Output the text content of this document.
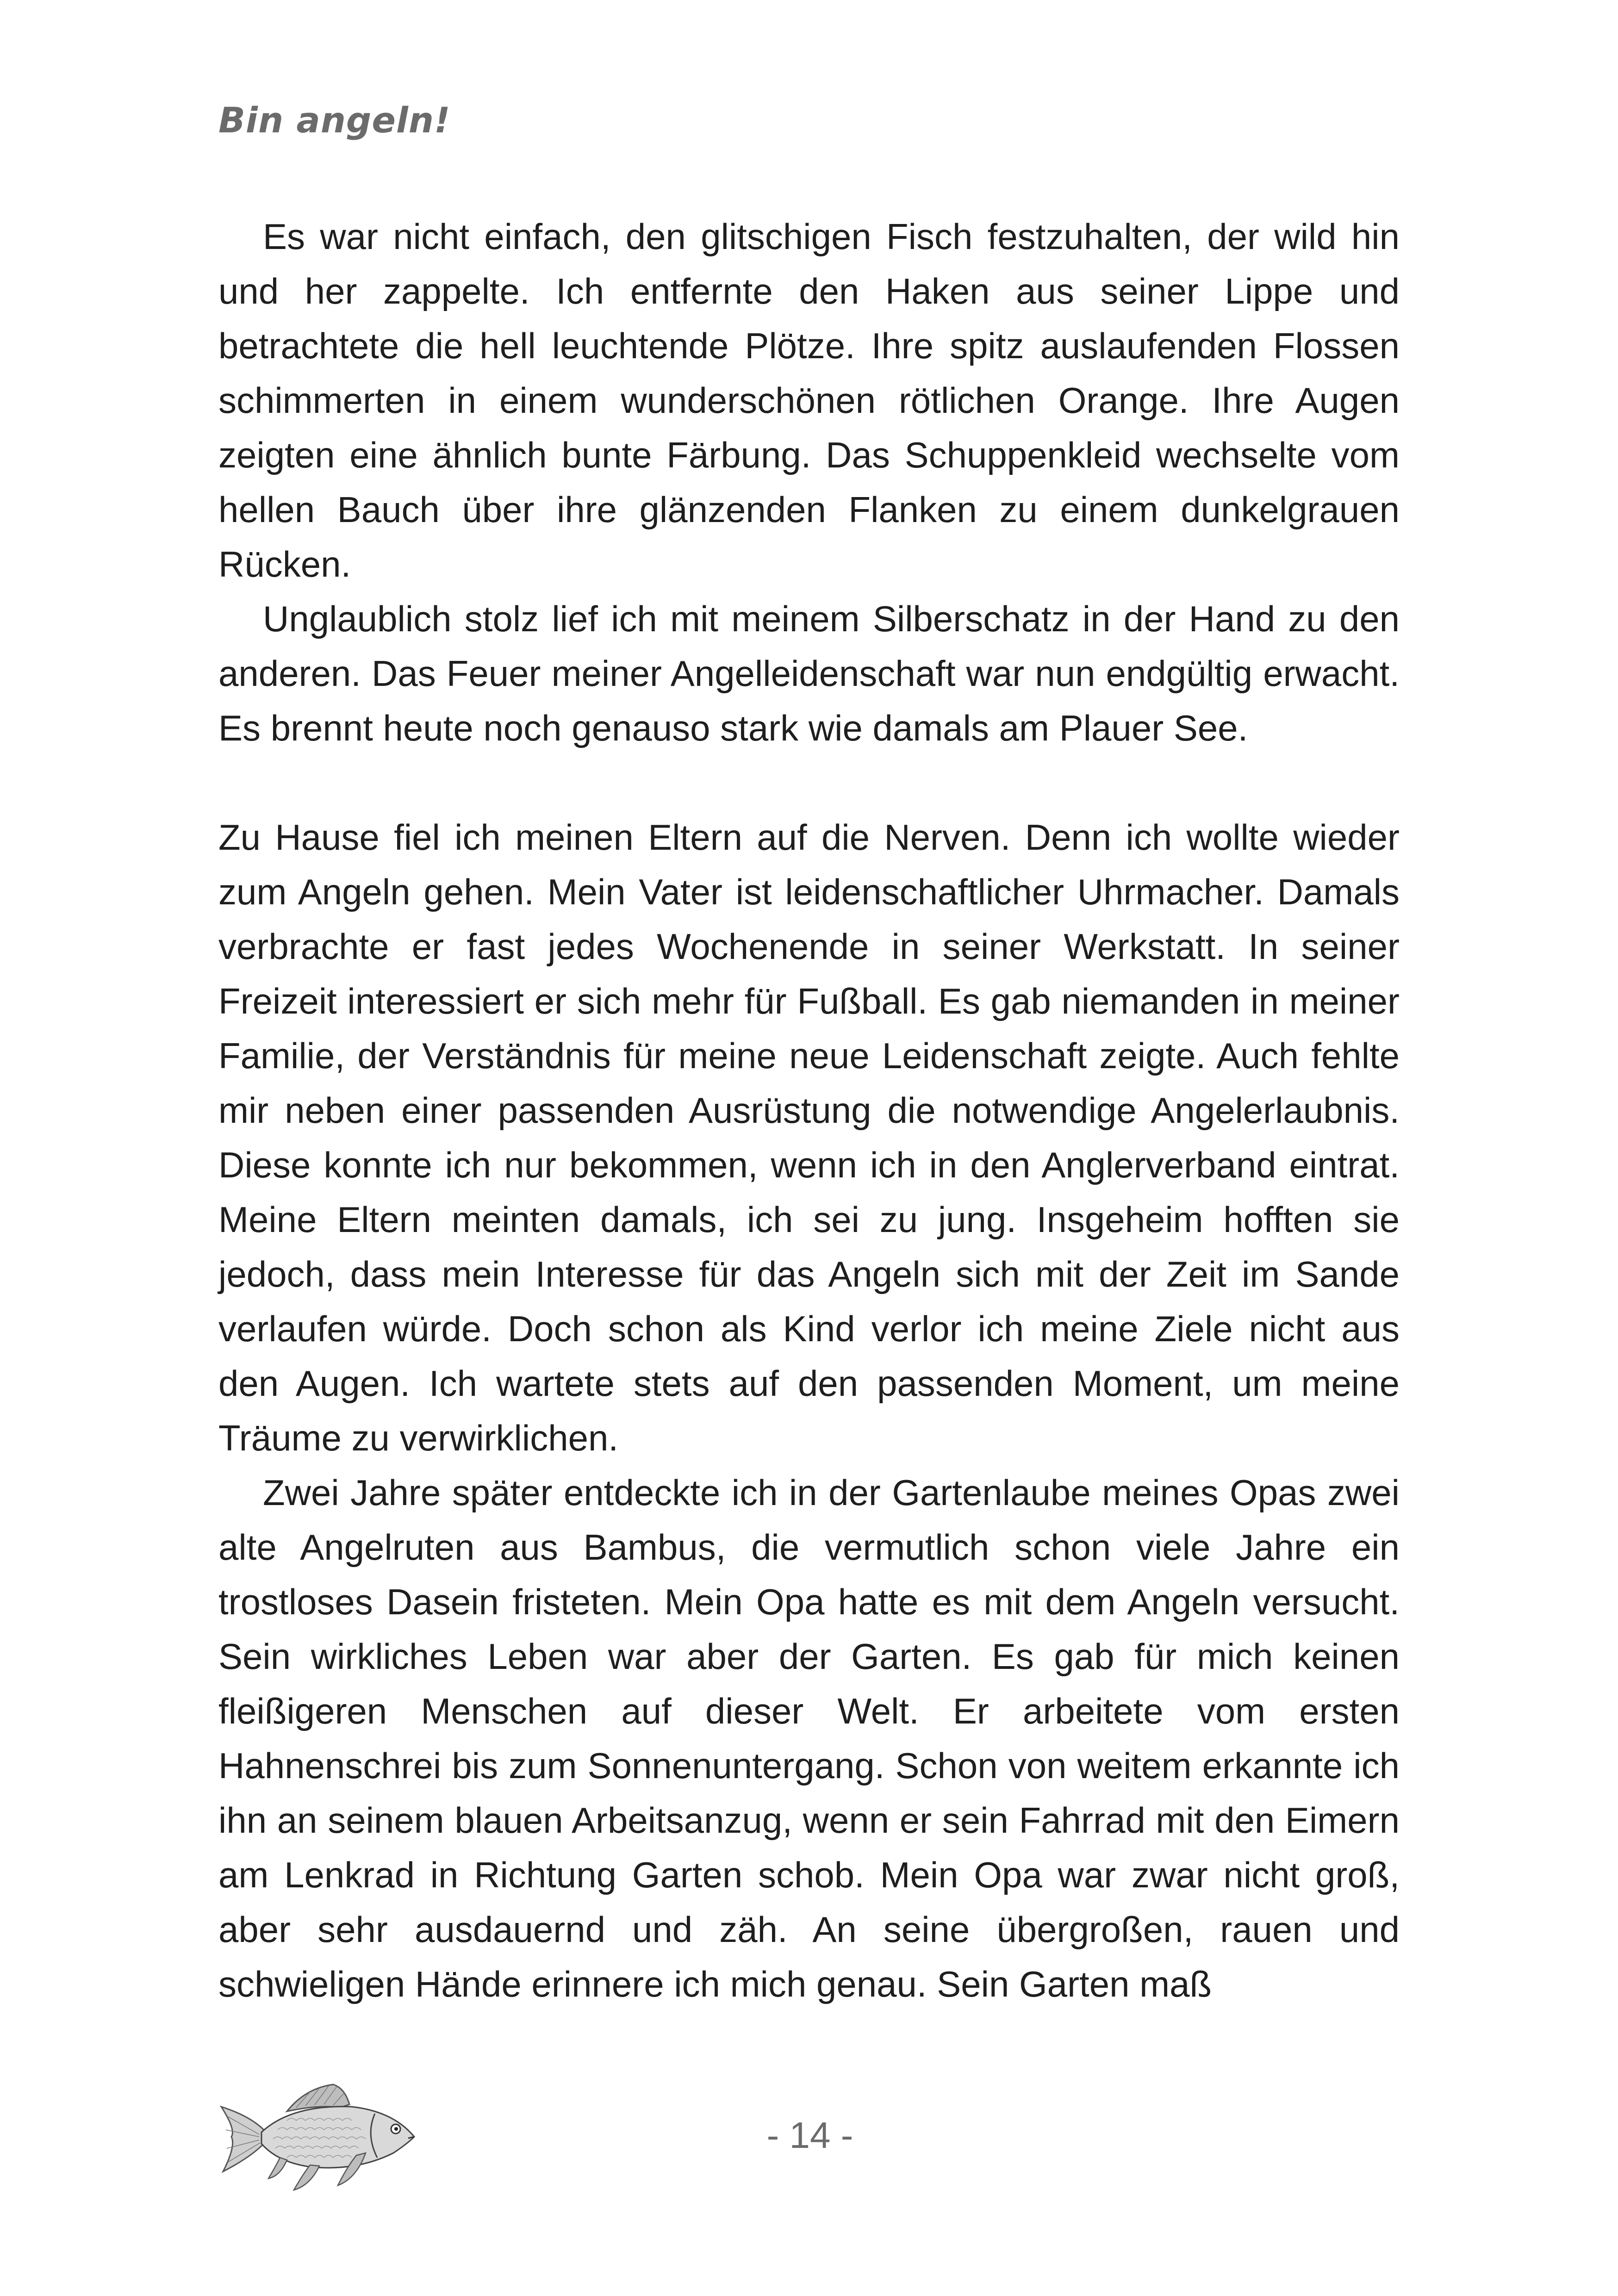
Bin angeln!

Es war nicht einfach, den glitschigen Fisch festzuhalten, der wild hin und her zappelte. Ich entfernte den Haken aus seiner Lippe und betrachtete die hell leuchtende Plötze. Ihre spitz auslaufenden Flossen schimmerten in einem wunderschönen rötlichen Orange. Ihre Augen zeigten eine ähnlich bunte Färbung. Das Schuppenkleid wechselte vom hellen Bauch über ihre glänzenden Flanken zu einem dunkelgrauen Rücken.

Unglaublich stolz lief ich mit meinem Silberschatz in der Hand zu den anderen. Das Feuer meiner Angelleidenschaft war nun endgültig erwacht. Es brennt heute noch genauso stark wie damals am Plauer See.

Zu Hause fiel ich meinen Eltern auf die Nerven. Denn ich wollte wieder zum Angeln gehen. Mein Vater ist leidenschaftlicher Uhrmacher. Damals verbrachte er fast jedes Wochenende in seiner Werkstatt. In seiner Freizeit interessiert er sich mehr für Fußball. Es gab niemanden in meiner Familie, der Verständnis für meine neue Leidenschaft zeigte. Auch fehlte mir neben einer passenden Ausrüstung die notwendige Angelerlaubnis. Diese konnte ich nur bekommen, wenn ich in den Anglerverband eintrat. Meine Eltern meinten damals, ich sei zu jung. Insgeheim hofften sie jedoch, dass mein Interesse für das Angeln sich mit der Zeit im Sande verlaufen würde. Doch schon als Kind verlor ich meine Ziele nicht aus den Augen. Ich wartete stets auf den passenden Moment, um meine Träume zu verwirklichen.

Zwei Jahre später entdeckte ich in der Gartenlaube meines Opas zwei alte Angelruten aus Bambus, die vermutlich schon viele Jahre ein trostloses Dasein fristeten. Mein Opa hatte es mit dem Angeln versucht. Sein wirkliches Leben war aber der Garten. Es gab für mich keinen fleißigeren Menschen auf dieser Welt. Er arbeitete vom ersten Hahnenschrei bis zum Sonnenuntergang. Schon von weitem erkannte ich ihn an seinem blauen Arbeitsanzug, wenn er sein Fahrrad mit den Eimern am Lenkrad in Richtung Garten schob. Mein Opa war zwar nicht groß, aber sehr ausdauernd und zäh. An seine übergroßen, rauen und schwieligen Hände erinnere ich mich genau. Sein Garten maß

- 14 -
